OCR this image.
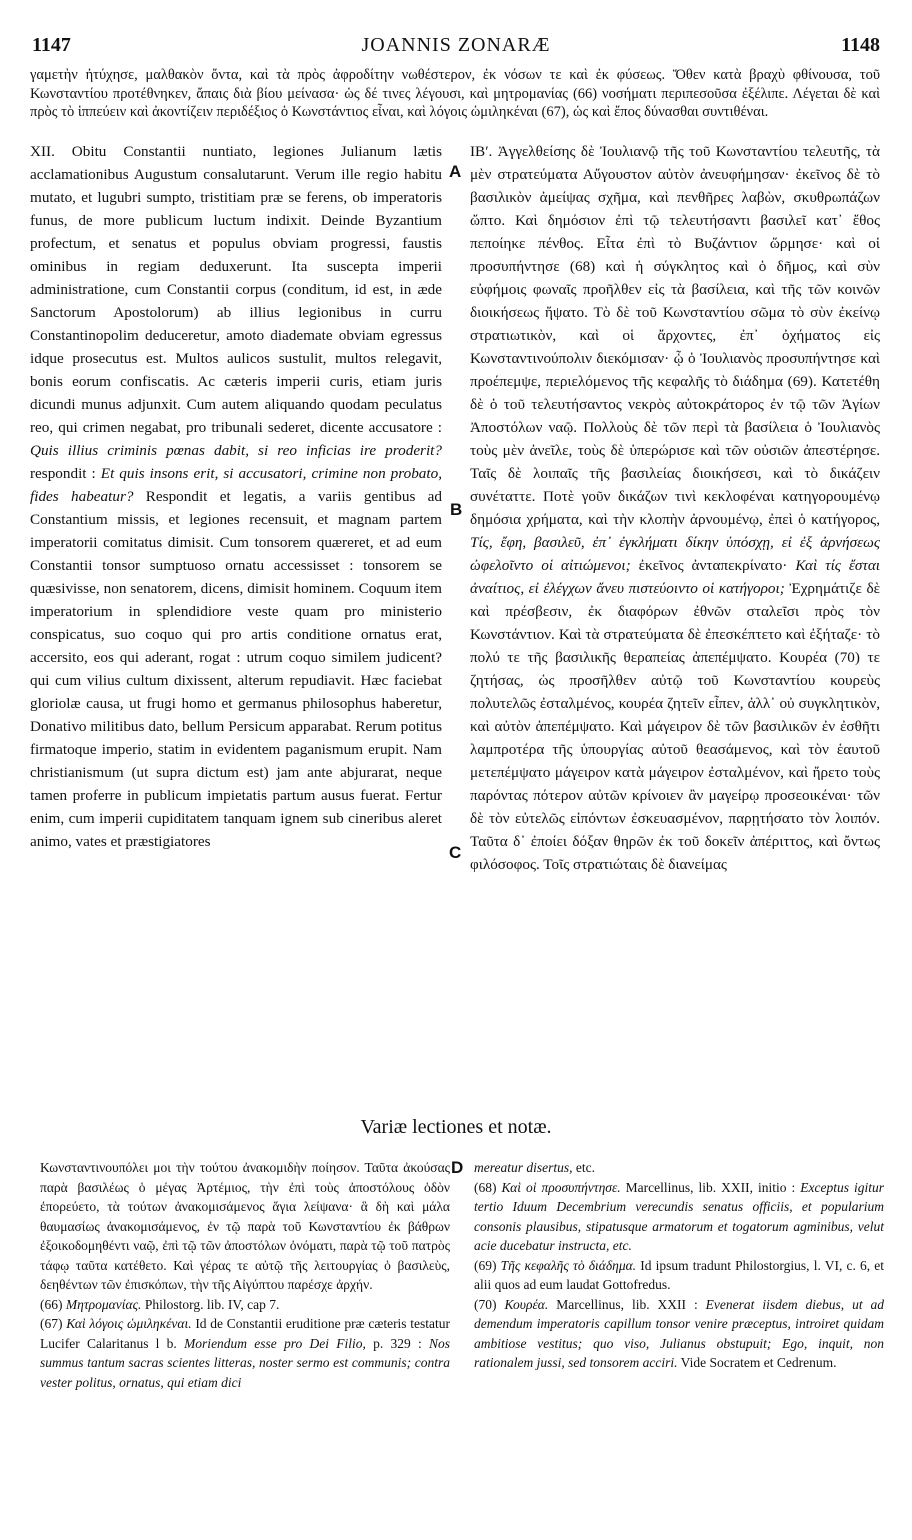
1147	JOANNIS ZONARÆ	1148
γαμετὴν ἠτύχησε, μαλθακὸν ὄντα, καὶ τὰ πρὸς ἀφροδίτην νωθέστερον, ἐκ νόσων τε καὶ ἐκ φύσεως. Ὅθεν κατὰ βραχὺ φθίνουσα, τοῦ Κωνσταντίου προτέθνηκεν, ἄπαις διὰ βίου μείνασα· ὡς δέ τινες λέγουσι, καὶ μητρομανίας (66) νοσήματι περιπεσοῦσα ἐξέλιπε. Λέγεται δὲ καὶ πρὸς τὸ ἱππεύειν καὶ ἀκοντίζειν περιδέξιος ὁ Κωνστάντιος εἶναι, καὶ λόγοις ὡμιληκέναι (67), ὡς καὶ ἔπος δύνασθαι συντιθέναι.
XII. Obitu Constantii nuntiato, legiones Julianum lætis acclamationibus Augustum consalutarunt. Verum ille regio habitu mutato, et lugubri sumpto, tristitiam præ se ferens, ob imperatoris funus, de more publicum luctum indixit. Deinde Byzantium profectum, et senatus et populus obviam progressi, faustis ominibus in regiam deduxerunt. Ita suscepta imperii administratione, cum Constantii corpus (conditum, id est, in æde Sanctorum Apostolorum) ab illius legionibus in curru Constantinopolim deduceretur, amoto diademate obviam egressus idque prosecutus est. Multos aulicos sustulit, multos relegavit, bonis eorum confiscatis. Ac cæteris imperii curis, etiam juris dicundi munus adjunxit. Cum autem aliquando quodam peculatus reo, qui crimen negabat, pro tribunali sederet, dicente accusatore : Quis illius criminis pœnas dabit, si reo inficias ire proderit? respondit : Et quis insons erit, si accusatori, crimine non probato, fides habeatur? Respondit et legatis, a variis gentibus ad Constantium missis, et legiones recensuit, et magnam partem imperatorii comitatus dimisit. Cum tonsorem quæreret, et ad eum Constantii tonsor sumptuoso ornatu accessisset : tonsorem se quæsivisse, non senatorem, dicens, dimisit hominem. Coquum item imperatorium in splendidiore veste quam pro ministerio conspicatus, suo coquo qui pro artis conditione ornatus erat, accersito, eos qui aderant, rogat : utrum coquo similem judicent? qui cum vilius cultum dixissent, alterum repudiavit. Hæc faciebat gloriolæ causa, ut frugi homo et germanus philosophus haberetur, Donativo militibus dato, bellum Persicum apparabat. Rerum potitus firmatoque imperio, statim in evidentem paganismum erupit. Nam christianismum (ut supra dictum est) jam ante abjurarat, neque tamen proferre in publicum impietatis partum ausus fuerat. Fertur enim, cum imperii cupiditatem tanquam ignem sub cineribus aleret animo, vates et præstigiatores
A
B
C
D
ΙΒʹ. Ἀγγελθείσης δὲ Ἰουλιανῷ τῆς τοῦ Κωνσταντίου τελευτῆς, τὰ μὲν στρατεύματα Αὔγουστον αὐτὸν ἀνευφήμησαν· ἐκεῖνος δὲ τὸ βασιλικὸν ἀμείψας σχῆμα, καὶ πενθῆρες λαβὼν, σκυθρωπάζων ὤπτο. Καὶ δημόσιον ἐπὶ τῷ τελευτήσαντι βασιλεῖ κατ᾽ ἔθος πεποίηκε πένθος. Εἶτα ἐπὶ τὸ Βυζάντιον ὥρμησε· καὶ οἱ προσυπήντησε (68) καὶ ἡ σύγκλητος καὶ ὁ δῆμος, καὶ σὺν εὐφήμοις φωναῖς προῆλθεν εἰς τὰ βασίλεια, καὶ τῆς τῶν κοινῶν διοικήσεως ἥψατο. Τὸ δὲ τοῦ Κωνσταντίου σῶμα τὸ σὺν ἐκείνῳ στρατιωτικὸν, καὶ οἱ ἄρχοντες, ἐπ᾽ ὀχήματος εἰς Κωνσταντινούπολιν διεκόμισαν· ᾧ ὁ Ἰουλιανὸς προσυπήντησε καὶ προέπεμψε, περιελόμενος τῆς κεφαλῆς τὸ διάδημα (69). Κατετέθη δὲ ὁ τοῦ τελευτήσαντος νεκρὸς αὐτοκράτορος ἐν τῷ τῶν Ἁγίων Ἀποστόλων ναῷ. Πολλοὺς δὲ τῶν περὶ τὰ βασίλεια ὁ Ἰουλιανὸς τοὺς μὲν ἀνεῖλε, τοὺς δὲ ὑπερώρισε καὶ τῶν οὐσιῶν ἀπεστέρησε. Ταῖς δὲ λοιπαῖς τῆς βασιλείας διοικήσεσι, καὶ τὸ δικάζειν συνέταττε. Ποτὲ γοῦν δικάζων τινὶ κεκλοφέναι κατηγορουμένῳ δημόσια χρήματα, καὶ τὴν κλοπὴν ἀρνουμένῳ, ἐπεὶ ὁ κατήγορος, Τίς, ἔφη, βασιλεῦ, ἐπ᾽ ἐγκλήματι δίκην ὑπόσχῃ, εἰ ἐξ ἀρνήσεως ὠφελοῖντο οἱ αἰτιώμενοι; ἐκεῖνος ἀνταπεκρίνατο· Καὶ τίς ἔσται ἀναίτιος, εἰ ἐλέγχων ἄνευ πιστεύοιντο οἱ κατήγοροι; Ἐχρημάτιζε δὲ καὶ πρέσβεσιν, ἐκ διαφόρων ἐθνῶν σταλεῖσι πρὸς τὸν Κωνστάντιον. Καὶ τὰ στρατεύματα δὲ ἐπεσκέπτετο καὶ ἐξήταζε· τὸ πολύ τε τῆς βασιλικῆς θεραπείας ἀπεπέμψατο. Κουρέα (70) τε ζητήσας, ὡς προσῆλθεν αὐτῷ τοῦ Κωνσταντίου κουρεὺς πολυτελῶς ἐσταλμένος, κουρέα ζητεῖν εἶπεν, ἀλλ᾽ οὐ συγκλητικὸν, καὶ αὐτὸν ἀπεπέμψατο. Καὶ μάγειρον δὲ τῶν βασιλικῶν ἐν ἐσθῆτι λαμπροτέρα τῆς ὑπουργίας αὐτοῦ θεασάμενος, καὶ τὸν ἑαυτοῦ μετεπέμψατο μάγειρον κατὰ μάγειρον ἐσταλμένον, καὶ ἤρετο τοὺς παρόντας πότερον αὐτῶν κρίνοιεν ἂν μαγείρῳ προσεοικέναι· τῶν δὲ τὸν εὐτελῶς εἰπόντων ἐσκευασμένον, παρῃτήσατο τὸν λοιπόν. Ταῦτα δ᾽ ἐποίει δόξαν θηρῶν ἐκ τοῦ δοκεῖν ἀπέριττος, καὶ ὄντως φιλόσοφος. Τοῖς στρατιώταις δὲ διανείμας
Variæ lectiones et notæ.

Κωνσταντινουπόλει μοι τὴν τούτου ἀνακομιδὴν ποίησον. Ταῦτα ἀκούσας παρὰ βασιλέως ὁ μέγας Ἀρτέμιος, τὴν ἐπὶ τοὺς ἀποστόλους ὁδὸν ἐπορεύετο, τὰ τούτων ἀνακομισάμενος ἅγια λείψανα· ἃ δὴ καὶ μάλα θαυμασίως ἀνακομισάμενος, ἐν τῷ παρὰ τοῦ Κωνσταντίου ἐκ βάθρων ἐξοικοδομηθέντι ναῷ, ἐπὶ τῷ τῶν ἀποστόλων ὀνόματι, παρὰ τῷ τοῦ πατρὸς τάφῳ ταῦτα κατέθετο. Καὶ γέρας τε αὐτῷ τῆς λειτουργίας ὁ βασιλεὺς, δεηθέντων τῶν ἐπισκόπων, τὴν τῆς Αἰγύπτου παρέσχε ἀρχήν.

(66) Μητρομανίας. Philostorg. lib. IV, cap 7.

(67) Καὶ λόγοις ὡμιληκέναι. Id de Constantii eruditione præ cæteris testatur Lucifer Calaritanus l b. Moriendum esse pro Dei Filio, p. 329 : Nos summus tantum sacras scientes litteras, noster sermo est communis; contra vester politus, ornatus, qui etiam dici

mereatur disertus, etc.

(68) Καὶ οἱ προσυπήντησε. Marcellinus, lib. XXII, initio : Exceptus igitur tertio Iduum Decembrium verecundis senatus officiis, et popularium consonis plausibus, stipatusque armatorum et togatorum agminibus, velut acie ducebatur instructa, etc.

(69) Τῆς κεφαλῆς τὸ διάδημα. Id ipsum tradunt Philostorgius, l. VI, c. 6, et alii quos ad eum laudat Gottofredus.

(70) Κουρέα. Marcellinus, lib. XXII : Evenerat iisdem diebus, ut ad demendum imperatoris capillum tonsor venire præceptus, introiret quidam ambitiose vestitus; quo viso, Julianus obstupuit; Ego, inquit, non rationalem jussi, sed tonsorem acciri. Vide Socratem et Cedrenum.
